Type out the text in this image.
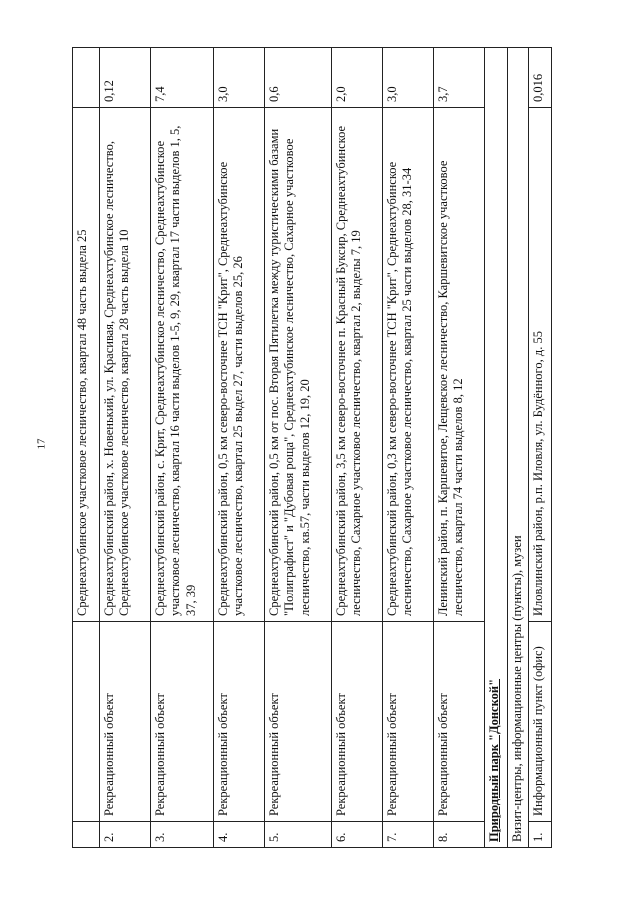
17
		Среднеахтубинское участковое лесничество, квартал 48 часть выдела 25	
2.	Рекреационный объект	Среднеахтубинский район, х. Новенький, ул. Красивая, Среднеахтубинское лесничество, Среднеахтубинское участковое лесничество, квартал 28 часть выдела 10	0,12
3.	Рекреационный объект	Среднеахтубинский район, с. Крит, Среднеахтубинское лесничество, Среднеахтубинское участковое лесничество, квартал 16 части выделов 1-5, 9, 29, квартал 17 части выделов 1, 5, 37, 39	7,4
4.	Рекреационный объект	Среднеахтубинский район, 0,5 км северо-восточнее ТСН "Крит", Среднеахтубинское участковое лесничество, квартал 25 выдел 27, части выделов 25, 26	3,0
5.	Рекреационный объект	Среднеахтубинский район, 0,5 км от пос. Вторая Пятилетка между туристическими базами "Полиграфист" и "Дубовая роща", Среднеахтубинское лесничество, Сахарное участковое лесничество, кв.57, части выделов 12, 19, 20	0,6
6.	Рекреационный объект	Среднеахтубинский район, 3,5 км северо-восточнее п. Красный Буксир, Среднеахтубинское лесничество, Сахарное участковое лесничество, квартал 2, выделы 7, 19	2,0
7.	Рекреационный объект	Среднеахтубинский район, 0,3 км северо-восточнее ТСН "Крит", Среднеахтубинское лесничество, Сахарное участковое лесничество, квартал 25 части выделов 28, 31-34	3,0
8.	Рекреационный объект	Ленинский район, п. Каршевитое, Лещевское лесничество, Каршевитское участковое лесничество, квартал 74 части выделов 8, 12	3,7
Природный парк "Донской"			
Визит-центры, информационные центры (пункты), музеи			
1.	Информационный пункт (офис)	Иловлинский район, р.п. Иловля, ул. Будённого, д. 55	0,016
